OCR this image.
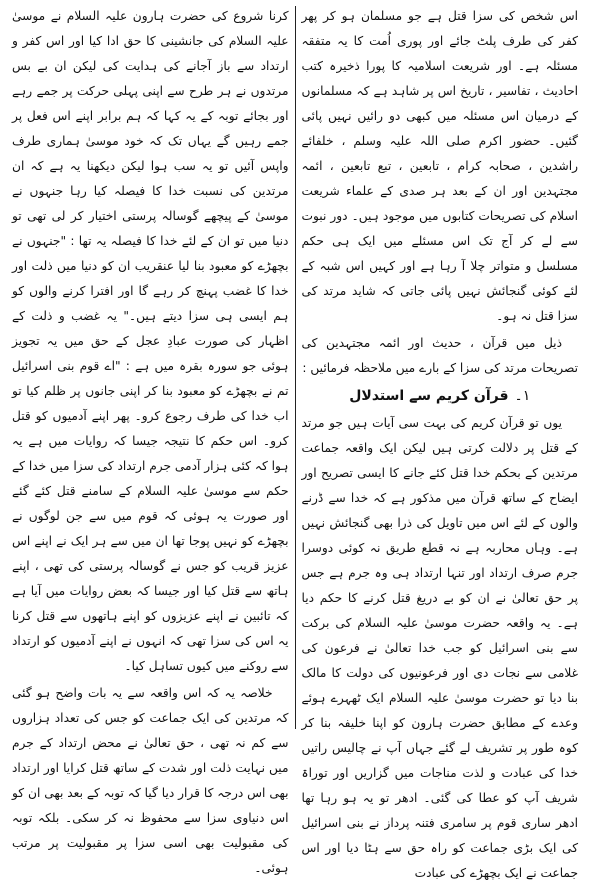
اس شخص کی سزا قتل ہے جو مسلمان ہو کر پھر کفر کی طرف پلٹ جائے اور پوری اُمت کا یہ متفقہ مسئلہ ہے۔ اور شریعت اسلامیہ کا پورا ذخیرہ کتب احادیث ، تفاسیر ، تاریخ اس پر شاہد ہے کہ مسلمانوں کے درمیان اس مسئلہ میں کبھی دو رائیں نہیں پائی گئیں۔ حضور اکرم صلی اللہ علیہ وسلم ، خلفائے راشدین ، صحابہ کرام ، تابعین ، تبع تابعین ، ائمہ مجتہدین اور ان کے بعد ہر صدی کے علماء شریعت اسلام کی تصریحات کتابوں میں موجود ہیں۔ دور نبوت سے لے کر آج تک اس مسئلے میں ایک ہی حکم مسلسل و متواتر چلا آ رہا ہے اور کہیں اس شبہ کے لئے کوئی گنجائش نہیں پائی جاتی کہ شاید مرتد کی سزا قتل نہ ہو۔

ذیل میں قرآن ، حدیث اور ائمہ مجتہدین کی تصریحات مرتد کی سزا کے بارے میں ملاحظہ فرمائیں :

۱۔قرآن کریم سے استدلال

یوں تو قرآن کریم کی بہت سی آیات ہیں جو مرتد کے قتل پر دلالت کرتی ہیں لیکن ایک واقعہ جماعت مرتدین کے بحکم خدا قتل کئے جانے کا ایسی تصریح اور ایضاح کے ساتھ قرآن میں مذکور ہے کہ خدا سے ڈرنے والوں کے لئے اس میں تاویل کی ذرا بھی گنجائش نہیں ہے۔ وہاں محاربہ ہے نہ قطع طریق نہ کوئی دوسرا جرم صرف ارتداد اور تنہا ارتداد ہی وہ جرم ہے جس پر حق تعالیٰ نے ان کو بے دریغ قتل کرنے کا حکم دیا ہے۔ یہ واقعہ حضرت موسیٰ علیہ السلام کی برکت سے بنی اسرائیل کو جب خدا تعالیٰ نے فرعون کی غلامی سے نجات دی اور فرعونیوں کی دولت کا مالک بنا دیا تو حضرت موسیٰ علیہ السلام ایک ٹھہرے ہوئے وعدے کے مطابق حضرت ہارون کو اپنا خلیفہ بنا کر کوہ طور پر تشریف لے گئے جہاں آپ نے چالیس راتیں خدا کی عبادت و لذت مناجات میں گزاریں اور توراۃ شریف آپ کو عطا کی گئی۔ ادھر تو یہ ہو رہا تھا ادھر ساری قوم پر سامری فتنہ پرداز نے بنی اسرائیل کی ایک بڑی جماعت کو راہ حق سے ہٹا دیا اور اس جماعت نے ایک بچھڑے کی عبادت

کرنا شروع کی حضرت ہارون علیہ السلام نے موسیٰ علیہ السلام کی جانشینی کا حق ادا کیا اور اس کفر و ارتداد سے باز آجانے کی ہدایت کی لیکن ان بے بس مرتدوں نے ہر طرح سے اپنی پہلی حرکت پر جمے رہے اور بجائے توبہ کے یہ کہا کہ ہم برابر اپنے اس فعل پر جمے رہیں گے یہاں تک کہ خود موسیٰ ہماری طرف واپس آئیں تو یہ سب ہوا لیکن دیکھنا یہ ہے کہ ان مرتدین کی نسبت خدا کا فیصلہ کیا رہا جنہوں نے موسیٰ کے پیچھے گوسالہ پرستی اختیار کر لی تھی تو دنیا میں تو ان کے لئے خدا کا فیصلہ یہ تھا : "جنہوں نے بچھڑے کو معبود بنا لیا عنقریب ان کو دنیا میں ذلت اور خدا کا غضب پہنچ کر رہے گا اور افترا کرنے والوں کو ہم ایسی ہی سزا دیتے ہیں۔" یہ غضب و ذلت کے اظہار کی صورت عبادِ عجل کے حق میں یہ تجویز ہوئی جو سورہ بقرہ میں ہے : "اے قوم بنی اسرائیل تم نے بچھڑے کو معبود بنا کر اپنی جانوں پر ظلم کیا تو اب خدا کی طرف رجوع کرو۔ پھر اپنے آدمیوں کو قتل کرو۔ اس حکم کا نتیجہ جیسا کہ روایات میں ہے یہ ہوا کہ کئی ہزار آدمی جرم ارتداد کی سزا میں خدا کے حکم سے موسیٰ علیہ السلام کے سامنے قتل کئے گئے اور صورت یہ ہوئی کہ قوم میں سے جن لوگوں نے بچھڑے کو نہیں پوجا تھا ان میں سے ہر ایک نے اپنے اس عزیز قریب کو جس نے گوسالہ پرستی کی تھی ، اپنے ہاتھ سے قتل کیا اور جیسا کہ بعض روایات میں آیا ہے کہ تائبین نے اپنے عزیزوں کو اپنے ہاتھوں سے قتل کرنا یہ اس کی سزا تھی کہ انہوں نے اپنے آدمیوں کو ارتداد سے روکنے میں کیوں تساہل کیا۔

خلاصہ یہ کہ اس واقعہ سے یہ بات واضح ہو گئی کہ مرتدین کی ایک جماعت کو جس کی تعداد ہزاروں سے کم نہ تھی ، حق تعالیٰ نے محض ارتداد کے جرم میں نہایت ذلت اور شدت کے ساتھ قتل کرایا اور ارتداد بھی اس درجہ کا قرار دیا گیا کہ توبہ کے بعد بھی ان کو اس دنیاوی سزا سے محفوظ نہ کر سکی۔ بلکہ توبہ کی مقبولیت بھی اسی سزا پر مقبولیت پر مرتب ہوئی۔
